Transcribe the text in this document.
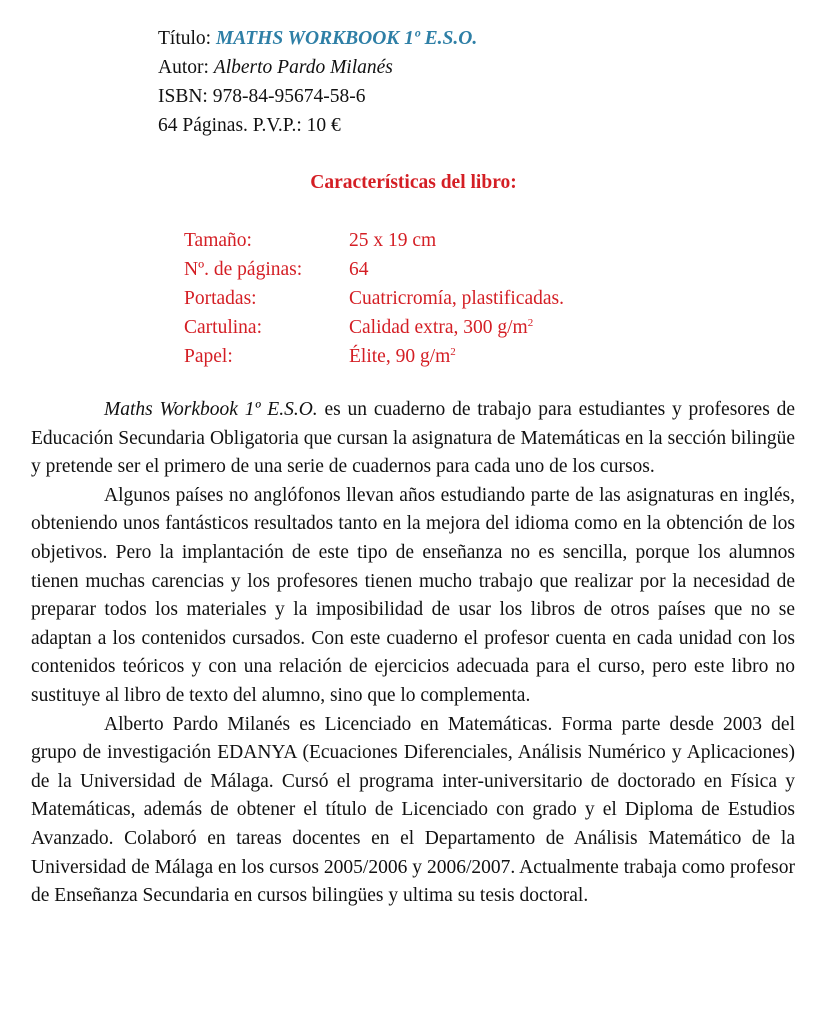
Título: MATHS WORKBOOK 1º E.S.O.
Autor: Alberto Pardo Milanés
ISBN: 978-84-95674-58-6
64 Páginas. P.V.P.: 10 €
Características del libro:
Tamaño:	25 x 19 cm
Nº. de páginas:	64
Portadas:	Cuatricromía, plastificadas.
Cartulina:	Calidad extra, 300 $g/m^2$
Papel:	Élite, 90 $g/m^2$

Maths Workbook 1º E.S.O. es un cuaderno de trabajo para estudiantes y profesores de Educación Secundaria Obligatoria que cursan la asignatura de Matemáticas en la sección bilingüe y pretende ser el primero de una serie de cuadernos para cada uno de los cursos.

Algunos países no anglófonos llevan años estudiando parte de las asignaturas en inglés, obteniendo unos fantásticos resultados tanto en la mejora del idioma como en la obtención de los objetivos. Pero la implantación de este tipo de enseñanza no es sencilla, porque los alumnos tienen muchas carencias y los profesores tienen mucho trabajo que realizar por la necesidad de preparar todos los materiales y la imposibilidad de usar los libros de otros países que no se adaptan a los contenidos cursados. Con este cuaderno el profesor cuenta en cada unidad con los contenidos teóricos y con una relación de ejercicios adecuada para el curso, pero este libro no sustituye al libro de texto del alumno, sino que lo complementa.

Alberto Pardo Milanés es Licenciado en Matemáticas. Forma parte desde 2003 del grupo de investigación EDANYA (Ecuaciones Diferenciales, Análisis Numérico y Aplicaciones) de la Universidad de Málaga. Cursó el programa inter-universitario de doctorado en Física y Matemáticas, además de obtener el título de Licenciado con grado y el Diploma de Estudios Avanzado. Colaboró en tareas docentes en el Departamento de Análisis Matemático de la Universidad de Málaga en los cursos 2005/2006 y 2006/2007. Actualmente trabaja como profesor de Enseñanza Secundaria en cursos bilingües y ultima su tesis doctoral.
